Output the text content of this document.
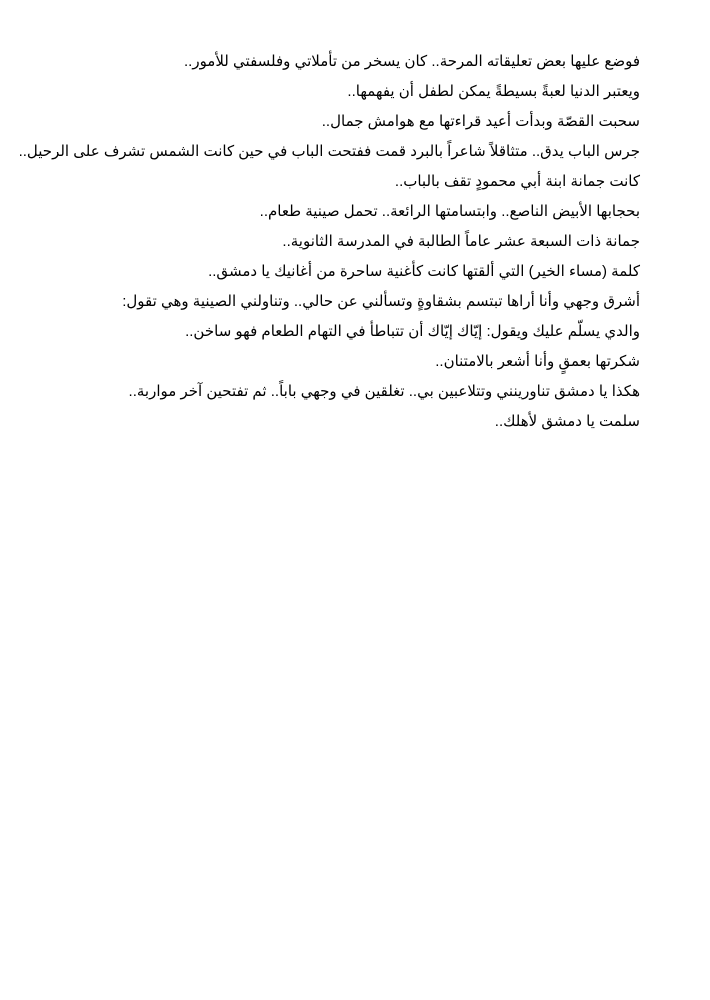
فوضع عليها بعض تعليقاته المرحة.. كان يسخر من تأملاتي وفلسفتي للأمور..

ويعتبر الدنيا لعبةً بسيطةً يمكن لطفل أن يفهمها..

سحبت القصّة وبدأت أعيد قراءتها مع هوامش جمال..

جرس الباب يدق.. متثاقلاً شاعراً بالبرد قمت ففتحت الباب في حين كانت الشمس تشرف على الرحيل..

كانت جمانة ابنة أبي محمودٍ تقف بالباب..

بحجابها الأبيض الناصع.. وابتسامتها الرائعة.. تحمل صينية طعام..

جمانة ذات السبعة عشر عاماً الطالبة في المدرسة الثانوية..

كلمة (مساء الخير) التي ألقتها كانت كأغنية ساحرة من أغانيك يا دمشق..

أشرق وجهي وأنا أراها تبتسم بشقاوةٍ وتسألني عن حالي.. وتناولني الصينية وهي تقول:

والدي يسلّم عليك ويقول: إيّاك إيّاك أن تتباطأ في التهام الطعام فهو ساخن..

شكرتها بعمقٍ وأنا أشعر بالامتنان..

هكذا يا دمشق تناورينني وتتلاعبين بي.. تغلقين في وجهي باباً.. ثم تفتحين آخر مواربة..

سلمت يا دمشق لأهلك..
